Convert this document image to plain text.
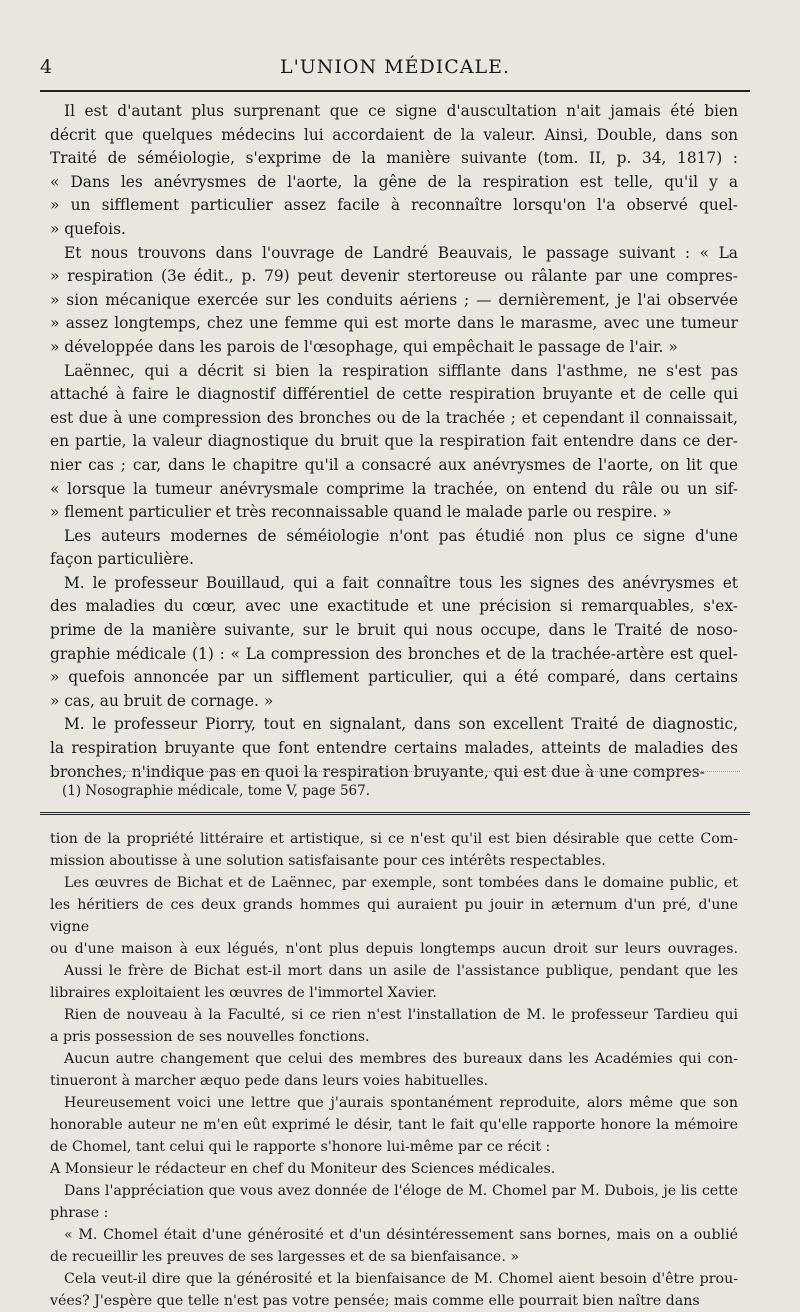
4	L'UNION MÉDICALE.
Il est d'autant plus surprenant que ce signe d'auscultation n'ait jamais été bien
décrit que quelques médecins lui accordaient de la valeur. Ainsi, Double, dans son
Traité de séméiologie, s'exprime de la manière suivante (tom. II, p. 34, 1817) :
« Dans les anévrysmes de l'aorte, la gêne de la respiration est telle, qu'il y a
» un sifflement particulier assez facile à reconnaître lorsqu'on l'a observé quel-
» quefois.
Et nous trouvons dans l'ouvrage de Landré Beauvais, le passage suivant : « La
» respiration (3e édit., p. 79) peut devenir stertoreuse ou râlante par une compres-
» sion mécanique exercée sur les conduits aériens ; — dernièrement, je l'ai observée
» assez longtemps, chez une femme qui est morte dans le marasme, avec une tumeur
» développée dans les parois de l'œsophage, qui empêchait le passage de l'air. »
Laënnec, qui a décrit si bien la respiration sifflante dans l'asthme, ne s'est pas
attaché à faire le diagnostif différentiel de cette respiration bruyante et de celle qui
est due à une compression des bronches ou de la trachée ; et cependant il connaissait,
en partie, la valeur diagnostique du bruit que la respiration fait entendre dans ce der-
nier cas ; car, dans le chapitre qu'il a consacré aux anévrysmes de l'aorte, on lit que
« lorsque la tumeur anévrysmale comprime la trachée, on entend du râle ou un sif-
» flement particulier et très reconnaissable quand le malade parle ou respire. »
Les auteurs modernes de séméiologie n'ont pas étudié non plus ce signe d'une
façon particulière.
M. le professeur Bouillaud, qui a fait connaître tous les signes des anévrysmes et
des maladies du cœur, avec une exactitude et une précision si remarquables, s'ex-
prime de la manière suivante, sur le bruit qui nous occupe, dans le Traité de noso-
graphie médicale (1) : « La compression des bronches et de la trachée-artère est quel-
» quefois annoncée par un sifflement particulier, qui a été comparé, dans certains
» cas, au bruit de cornage. »
M. le professeur Piorry, tout en signalant, dans son excellent Traité de diagnostic,
la respiration bruyante que font entendre certains malades, atteints de maladies des
bronches, n'indique pas en quoi la respiration bruyante, qui est due à une compres-
(1) Nosographie médicale, tome V, page 567.
tion de la propriété littéraire et artistique, si ce n'est qu'il est bien désirable que cette Com-
mission aboutisse à une solution satisfaisante pour ces intérêts respectables.
Les œuvres de Bichat et de Laënnec, par exemple, sont tombées dans le domaine public, et
les héritiers de ces deux grands hommes qui auraient pu jouir in æternum d'un pré, d'une vigne
ou d'une maison à eux légués, n'ont plus depuis longtemps aucun droit sur leurs ouvrages.
Aussi le frère de Bichat est-il mort dans un asile de l'assistance publique, pendant que les
libraires exploitaient les œuvres de l'immortel Xavier.
Rien de nouveau à la Faculté, si ce rien n'est l'installation de M. le professeur Tardieu qui
a pris possession de ses nouvelles fonctions.
Aucun autre changement que celui des membres des bureaux dans les Académies qui con-
tinueront à marcher æquo pede dans leurs voies habituelles.
Heureusement voici une lettre que j'aurais spontanément reproduite, alors même que son
honorable auteur ne m'en eût exprimé le désir, tant le fait qu'elle rapporte honore la mémoire
de Chomel, tant celui qui le rapporte s'honore lui-même par ce récit :
A Monsieur le rédacteur en chef du Moniteur des Sciences médicales.
Dans l'appréciation que vous avez donnée de l'éloge de M. Chomel par M. Dubois, je lis cette
phrase :
« M. Chomel était d'une générosité et d'un désintéressement sans bornes, mais on a oublié
de recueillir les preuves de ses largesses et de sa bienfaisance. »
Cela veut-il dire que la générosité et la bienfaisance de M. Chomel aient besoin d'être prou-
vées? J'espère que telle n'est pas votre pensée; mais comme elle pourrait bien naître dans
